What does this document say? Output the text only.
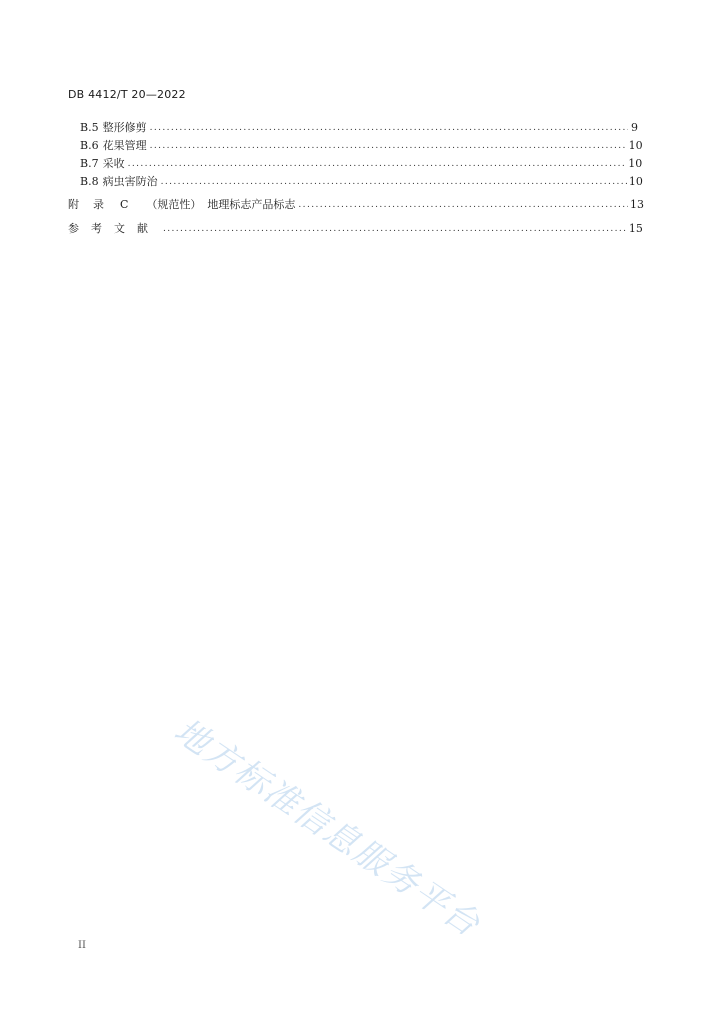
DB 4412/T 20—2022
B.5 整形修剪 .....	9
B.6 花果管理 .....	10
B.7 采收 .....	10
B.8 病虫害防治 .....	10
附录 C （规范性） 地理标志产品标志 .....	13
参考文献 .....	15
地方标准信息服务平台
II
